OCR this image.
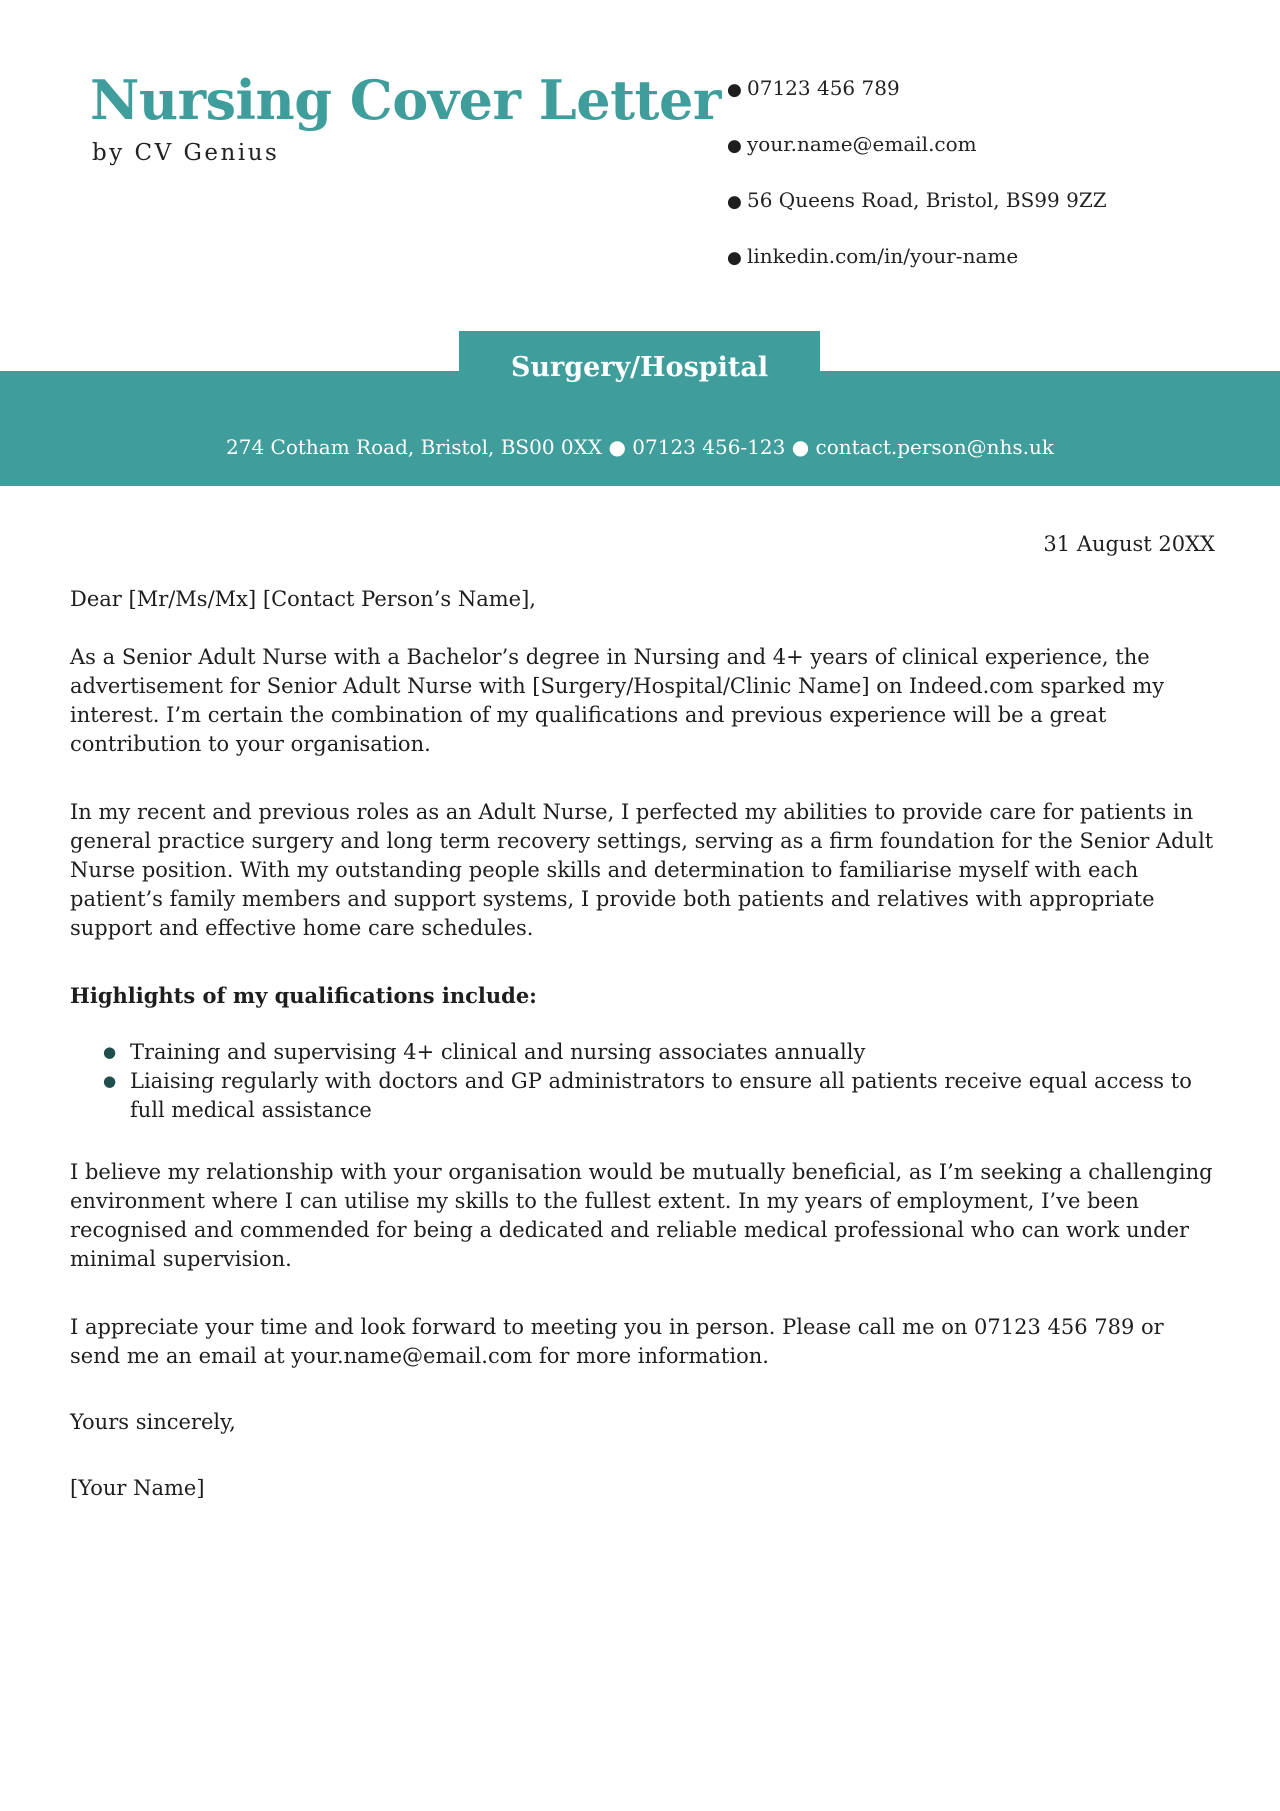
Nursing Cover Letter
by CV Genius
● 07123 456 789
● your.name@email.com
● 56 Queens Road, Bristol, BS99 9ZZ
● linkedin.com/in/your-name
Surgery/Hospital
274 Cotham Road, Bristol, BS00 0XX ● 07123 456-123 ● contact.person@nhs.uk

31 August 20XX

Dear [Mr/Ms/Mx] [Contact Person’s Name],

As a Senior Adult Nurse with a Bachelor’s degree in Nursing and 4+ years of clinical experience, the advertisement for Senior Adult Nurse with [Surgery/Hospital/Clinic Name] on Indeed.com sparked my interest. I’m certain the combination of my qualifications and previous experience will be a great contribution to your organisation.

In my recent and previous roles as an Adult Nurse, I perfected my abilities to provide care for patients in general practice surgery and long term recovery settings, serving as a firm foundation for the Senior Adult Nurse position. With my outstanding people skills and determination to familiarise myself with each patient’s family members and support systems, I provide both patients and relatives with appropriate support and effective home care schedules.

Highlights of my qualifications include:

● Training and supervising 4+ clinical and nursing associates annually
● Liaising regularly with doctors and GP administrators to ensure all patients receive equal access to full medical assistance

I believe my relationship with your organisation would be mutually beneficial, as I’m seeking a challenging environment where I can utilise my skills to the fullest extent. In my years of employment, I’ve been recognised and commended for being a dedicated and reliable medical professional who can work under minimal supervision.

I appreciate your time and look forward to meeting you in person. Please call me on 07123 456 789 or send me an email at your.name@email.com for more information.

Yours sincerely,

[Your Name]
